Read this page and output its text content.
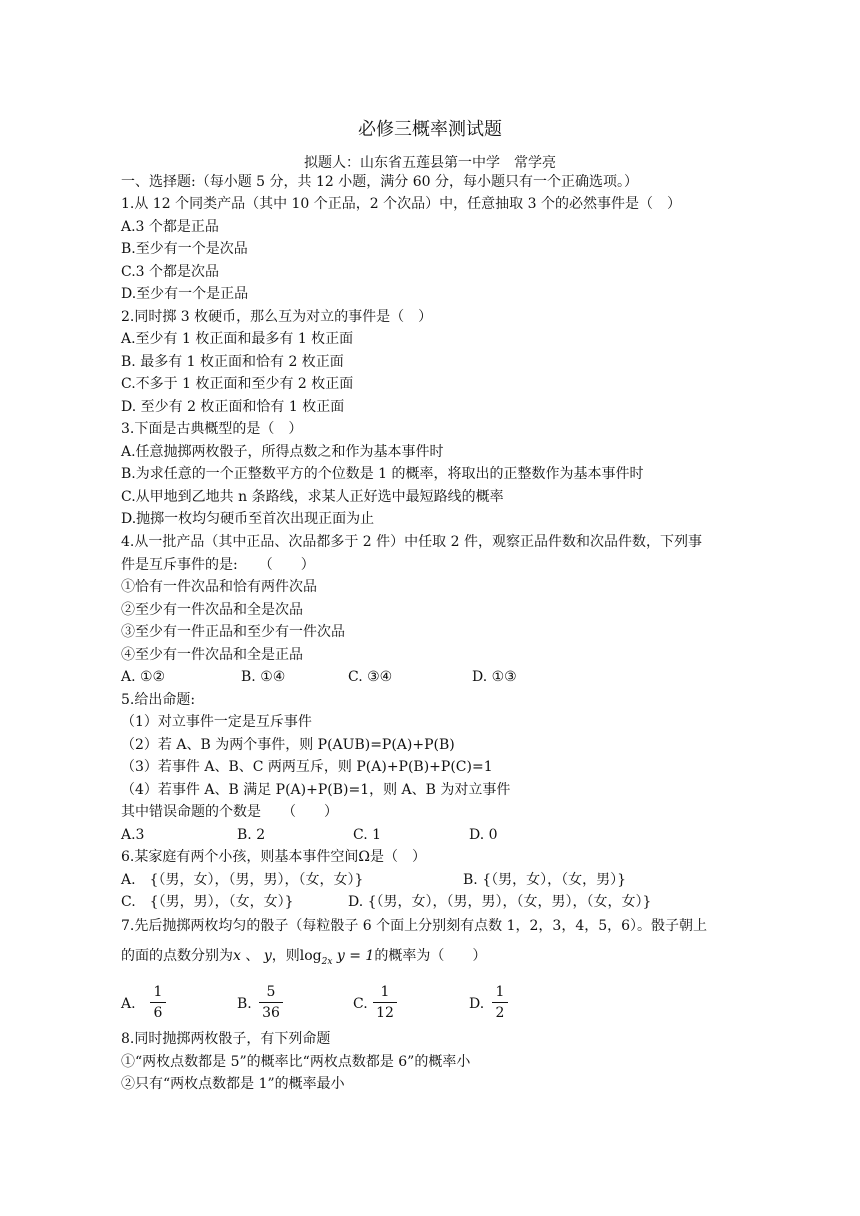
必修三概率测试题
拟题人：山东省五莲县第一中学　常学亮
一、选择题:（每小题 5 分，共 12 小题，满分 60 分，每小题只有一个正确选项。）
1.从 12 个同类产品（其中 10 个正品，2 个次品）中，任意抽取 3 个的必然事件是（　）
A.3 个都是正品
B.至少有一个是次品
C.3 个都是次品
D.至少有一个是正品
2.同时掷 3 枚硬币，那么互为对立的事件是（　）
A.至少有 1 枚正面和最多有 1 枚正面
B. 最多有 1 枚正面和恰有 2 枚正面
C.不多于 1 枚正面和至少有 2 枚正面
D. 至少有 2 枚正面和恰有 1 枚正面
3.下面是古典概型的是（　）
A.任意抛掷两枚骰子，所得点数之和作为基本事件时
B.为求任意的一个正整数平方的个位数是 1 的概率，将取出的正整数作为基本事件时
C.从甲地到乙地共 n 条路线，求某人正好选中最短路线的概率
D.抛掷一枚均匀硬币至首次出现正面为止
4.从一批产品（其中正品、次品都多于 2 件）中任取 2 件，观察正品件数和次品件数，下列事
件是互斥事件的是:　　（　　）
①恰有一件次品和恰有两件次品
②至少有一件次品和全是次品
③至少有一件正品和至少有一件次品
④至少有一件次品和全是正品
A. ①②	B. ①④	C. ③④	D. ①③
5.给出命题:
（1）对立事件一定是互斥事件
（2）若 A、B 为两个事件，则 P(AUB)=P(A)+P(B)
（3）若事件 A、B、C 两两互斥，则 P(A)+P(B)+P(C)=1
（4）若事件 A、B 满足 P(A)+P(B)=1，则 A、B 为对立事件
其中错误命题的个数是　　（　　）
A.3	B. 2	C. 1	D. 0
6.某家庭有两个小孩，则基本事件空间Ω是（　）
A.　{（男，女），（男，男），（女，女）}	B. {（男，女），（女，男）}
C.　{（男，男），（女，女）}	D. {（男，女），（男，男），（女，男），（女，女）}
7.先后抛掷两枚均匀的骰子（每粒骰子 6 个面上分别刻有点数 1，2，3，4，5，6）。骰子朝上
的面的点数分别为x 、 y，则$\log_{2x} y = 1$的概率为（　　）
A.
1
6
B.
5
36
C.
1
12
D.
1
2
8.同时抛掷两枚骰子，有下列命题
①“两枚点数都是 5”的概率比“两枚点数都是 6”的概率小
②只有“两枚点数都是 1”的概率最小
